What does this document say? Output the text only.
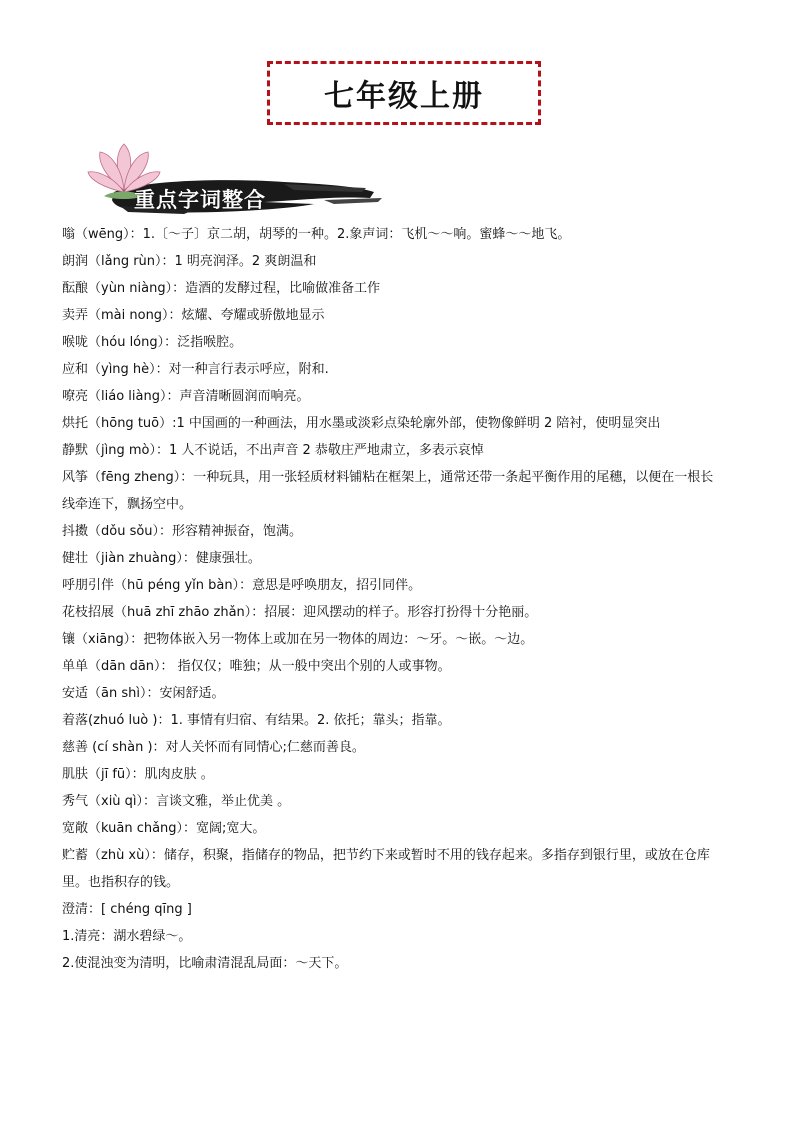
七年级上册
重点字词整合

嗡（wēng）：1.〔～子〕京二胡，胡琴的一种。2.象声词：飞机～～响。蜜蜂～～地飞。

朗润（lǎng rùn）：1 明亮润泽。2 爽朗温和

酝酿（yùn niàng）：造酒的发酵过程，比喻做准备工作

卖弄（mài nong）：炫耀、夸耀或骄傲地显示

喉咙（hóu lóng）：泛指喉腔。

应和（yìng hè）：对一种言行表示呼应，附和.

嘹亮（liáo liàng）：声音清晰圆润而响亮。

烘托（hōng tuō）:1 中国画的一种画法，用水墨或淡彩点染轮廓外部，使物像鲜明 2 陪衬，使明显突出

静默（jìng mò）：1 人不说话，不出声音 2 恭敬庄严地肃立，多表示哀悼

风筝（fēng zheng）：一种玩具，用一张轻质材料铺粘在框架上，通常还带一条起平衡作用的尾穗，以便在一根长线牵连下，飘扬空中。

抖擞（dǒu sǒu）：形容精神振奋，饱满。

健壮（jiàn zhuàng）：健康强壮。

呼朋引伴（hū péng yǐn bàn）：意思是呼唤朋友，招引同伴。

花枝招展（huā zhī zhāo zhǎn）：招展：迎风摆动的样子。形容打扮得十分艳丽。

镶（xiāng）：把物体嵌入另一物体上或加在另一物体的周边：～牙。～嵌。～边。

单单（dān dān）： 指仅仅；唯独；从一般中突出个别的人或事物。

安适（ān shì）：安闲舒适。

着落(zhuó luò )：1. 事情有归宿、有结果。2. 依托；靠头；指靠。

慈善 (cí shàn )：对人关怀而有同情心;仁慈而善良。

肌肤（jī fū）：肌肉皮肤 。

秀气（xiù qì）：言谈文雅，举止优美 。

宽敞（kuān chǎng）：宽阔;宽大。

贮蓄（zhù xù）：储存，积聚，指储存的物品，把节约下来或暂时不用的钱存起来。多指存到银行里，或放在仓库里。也指积存的钱。

澄清：[ chéng qīng ]

1.清亮：湖水碧绿～。

2.使混浊变为清明，比喻肃清混乱局面：～天下。
